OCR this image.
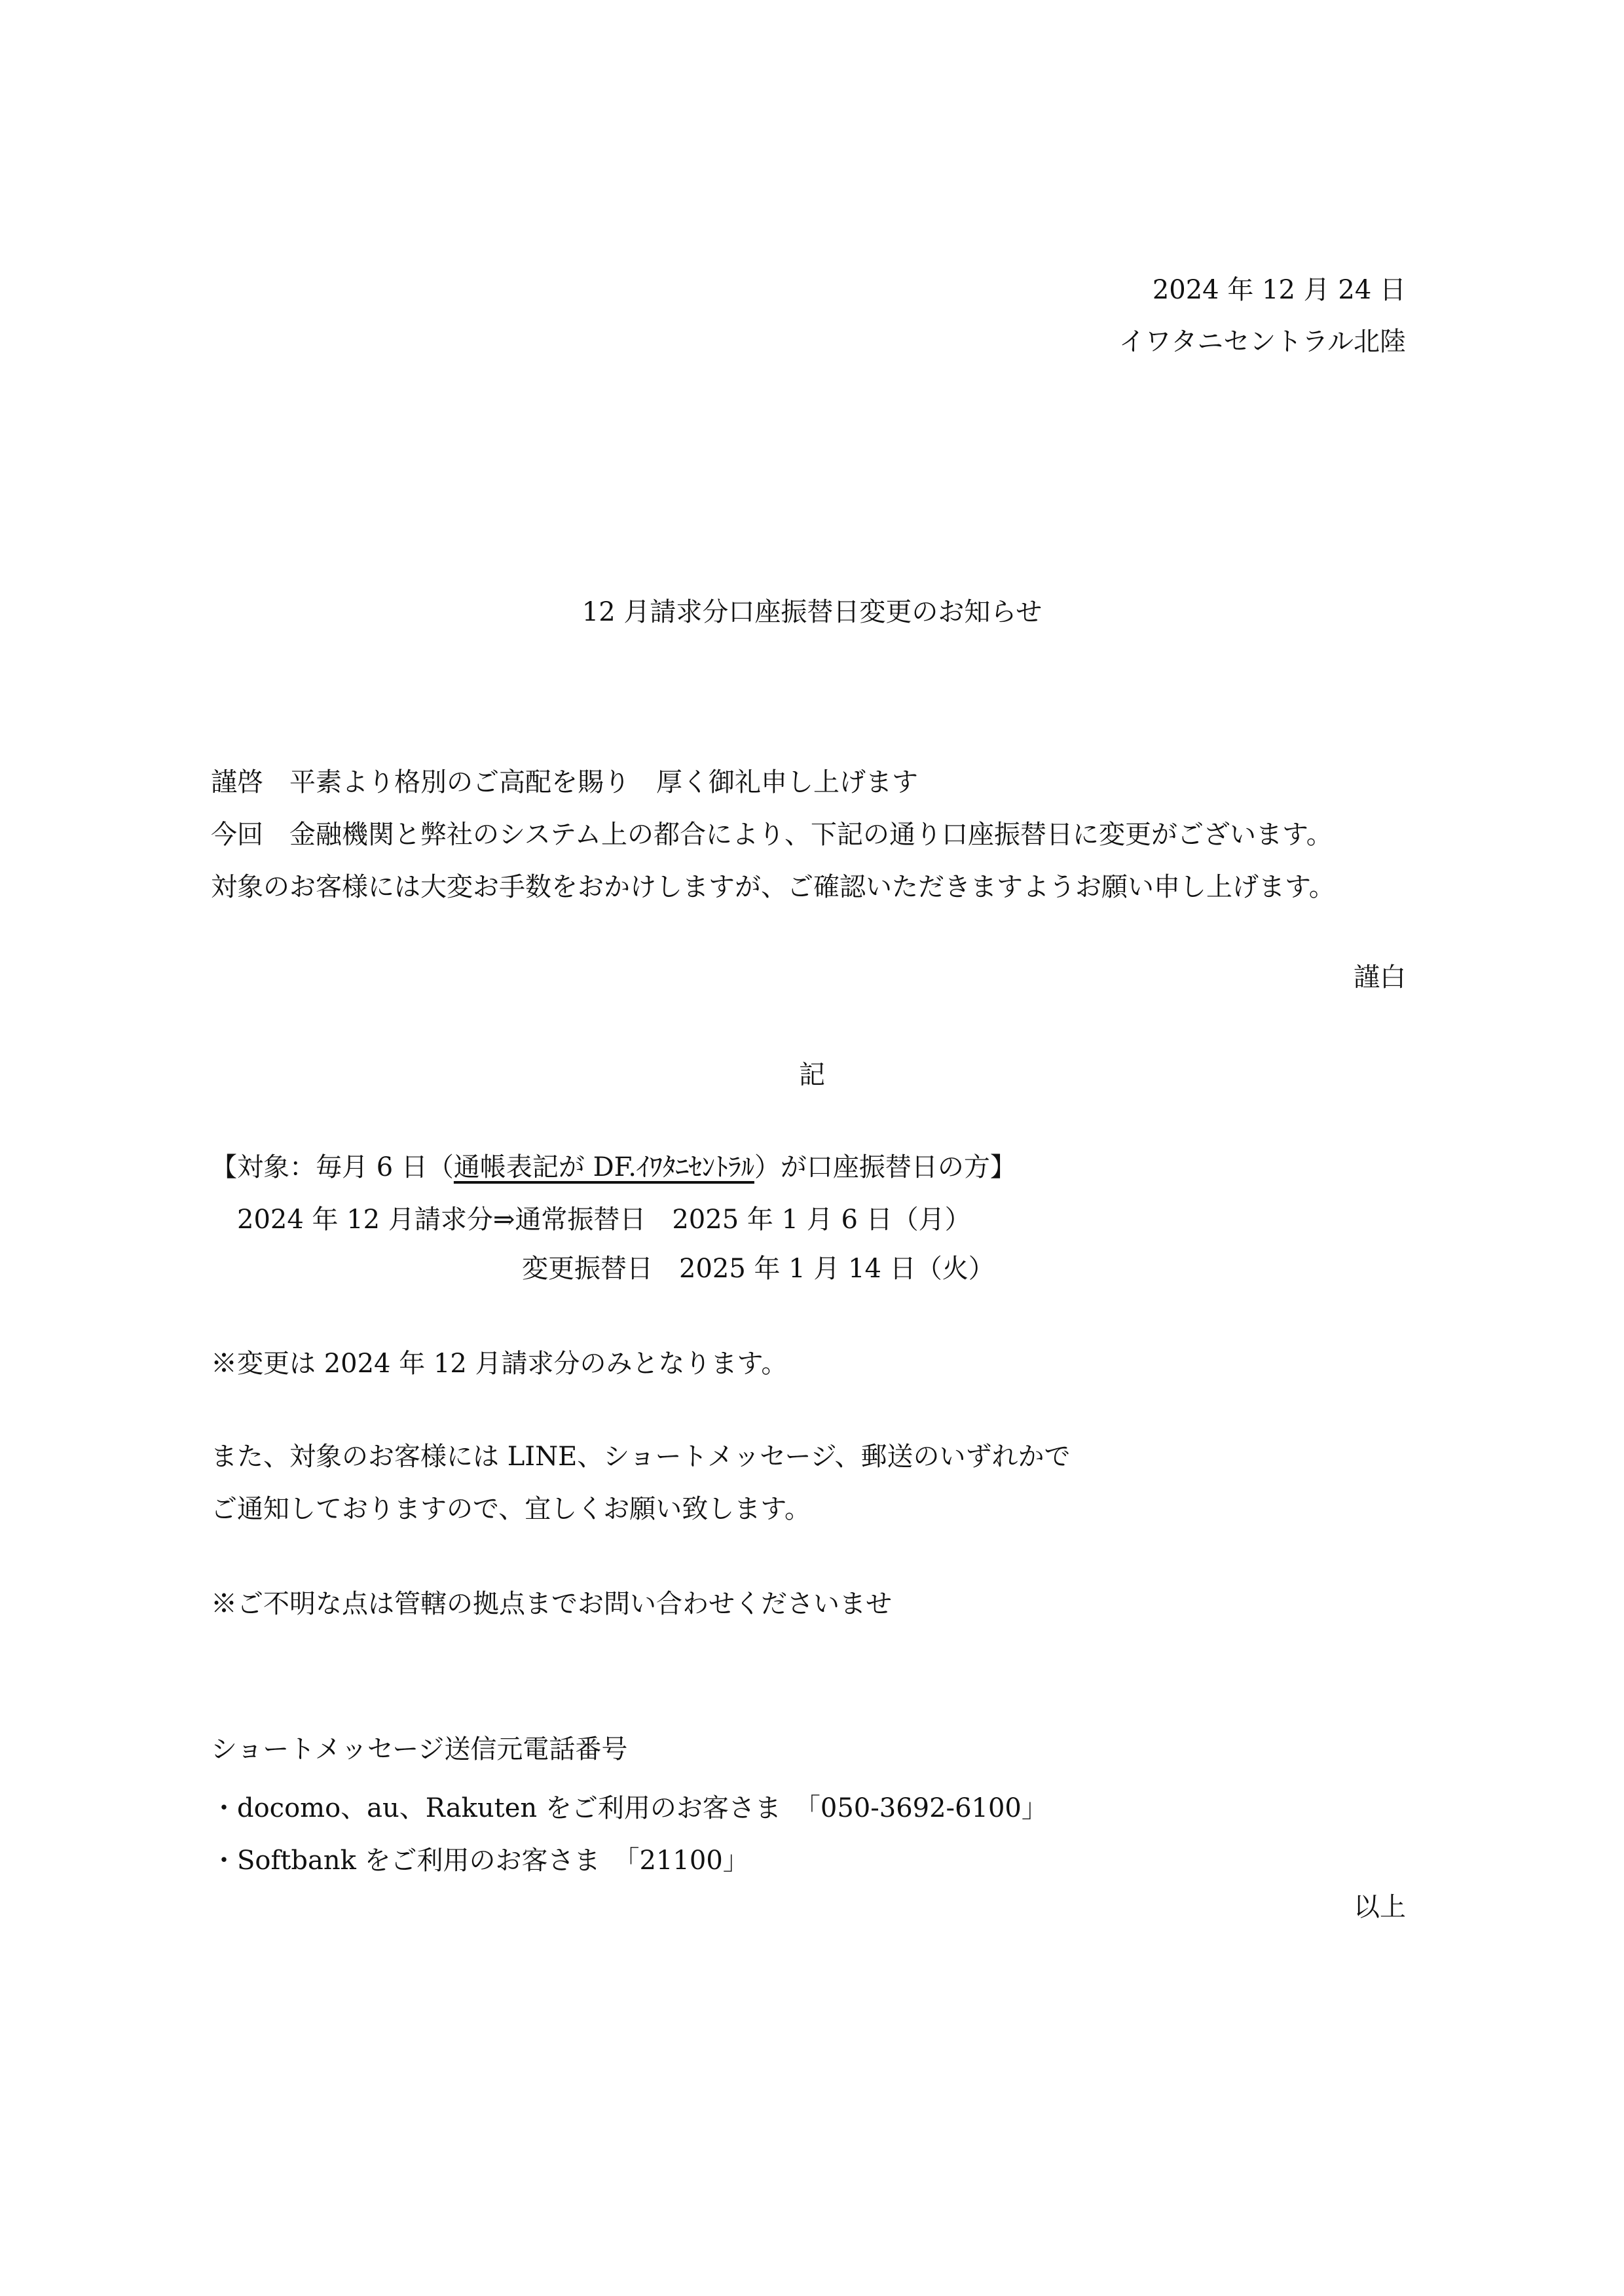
2024 年 12 月 24 日
イワタニセントラル北陸
12 月請求分口座振替日変更のお知らせ
謹啓　平素より格別のご高配を賜り　厚く御礼申し上げます
今回　金融機関と弊社のシステム上の都合により、下記の通り口座振替日に変更がございます。
対象のお客様には大変お手数をおかけしますが、ご確認いただきますようお願い申し上げます。
謹白
記
【対象：毎月 6 日（通帳表記が DF.ｲﾜﾀﾆｾﾝﾄﾗﾙ）が口座振替日の方】
2024 年 12 月請求分⇒通常振替日　2025 年 1 月 6 日（月）
変更振替日　2025 年 1 月 14 日（火）
※変更は 2024 年 12 月請求分のみとなります。
また、対象のお客様には LINE、ショートメッセージ、郵送のいずれかで
ご通知しておりますので、宜しくお願い致します。
※ご不明な点は管轄の拠点までお問い合わせくださいませ
ショートメッセージ送信元電話番号
・docomo、au、Rakuten をご利用のお客さま　「050-3692-6100」
・Softbank をご利用のお客さま　「21100」
以上
